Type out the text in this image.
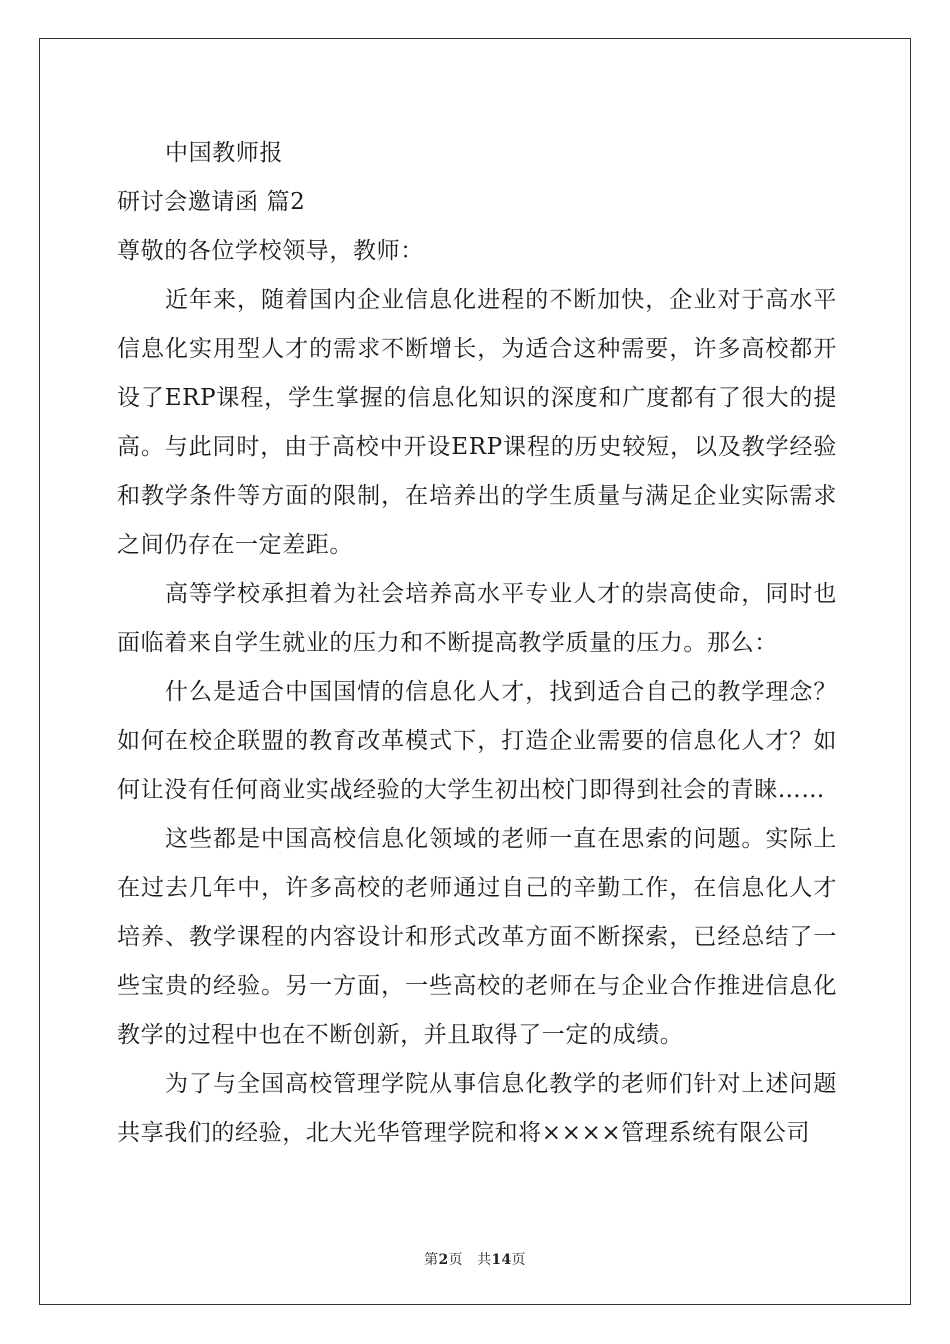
中国教师报

研讨会邀请函 篇2

尊敬的各位学校领导，教师：

近年来，随着国内企业信息化进程的不断加快，企业对于高水平信息化实用型人才的需求不断增长，为适合这种需要，许多高校都开设了ERP课程，学生掌握的信息化知识的深度和广度都有了很大的提高。与此同时，由于高校中开设ERP课程的历史较短，以及教学经验和教学条件等方面的限制，在培养出的学生质量与满足企业实际需求之间仍存在一定差距。

高等学校承担着为社会培养高水平专业人才的崇高使命，同时也面临着来自学生就业的压力和不断提高教学质量的压力。那么：

什么是适合中国国情的信息化人才，找到适合自己的教学理念？如何在校企联盟的教育改革模式下，打造企业需要的信息化人才？如何让没有任何商业实战经验的大学生初出校门即得到社会的青睐……

这些都是中国高校信息化领域的老师一直在思索的问题。实际上在过去几年中，许多高校的老师通过自己的辛勤工作，在信息化人才培养、教学课程的内容设计和形式改革方面不断探索，已经总结了一些宝贵的经验。另一方面，一些高校的老师在与企业合作推进信息化教学的过程中也在不断创新，并且取得了一定的成绩。

为了与全国高校管理学院从事信息化教学的老师们针对上述问题共享我们的经验，北大光华管理学院和将××××管理系统有限公司

第2页 共14页
